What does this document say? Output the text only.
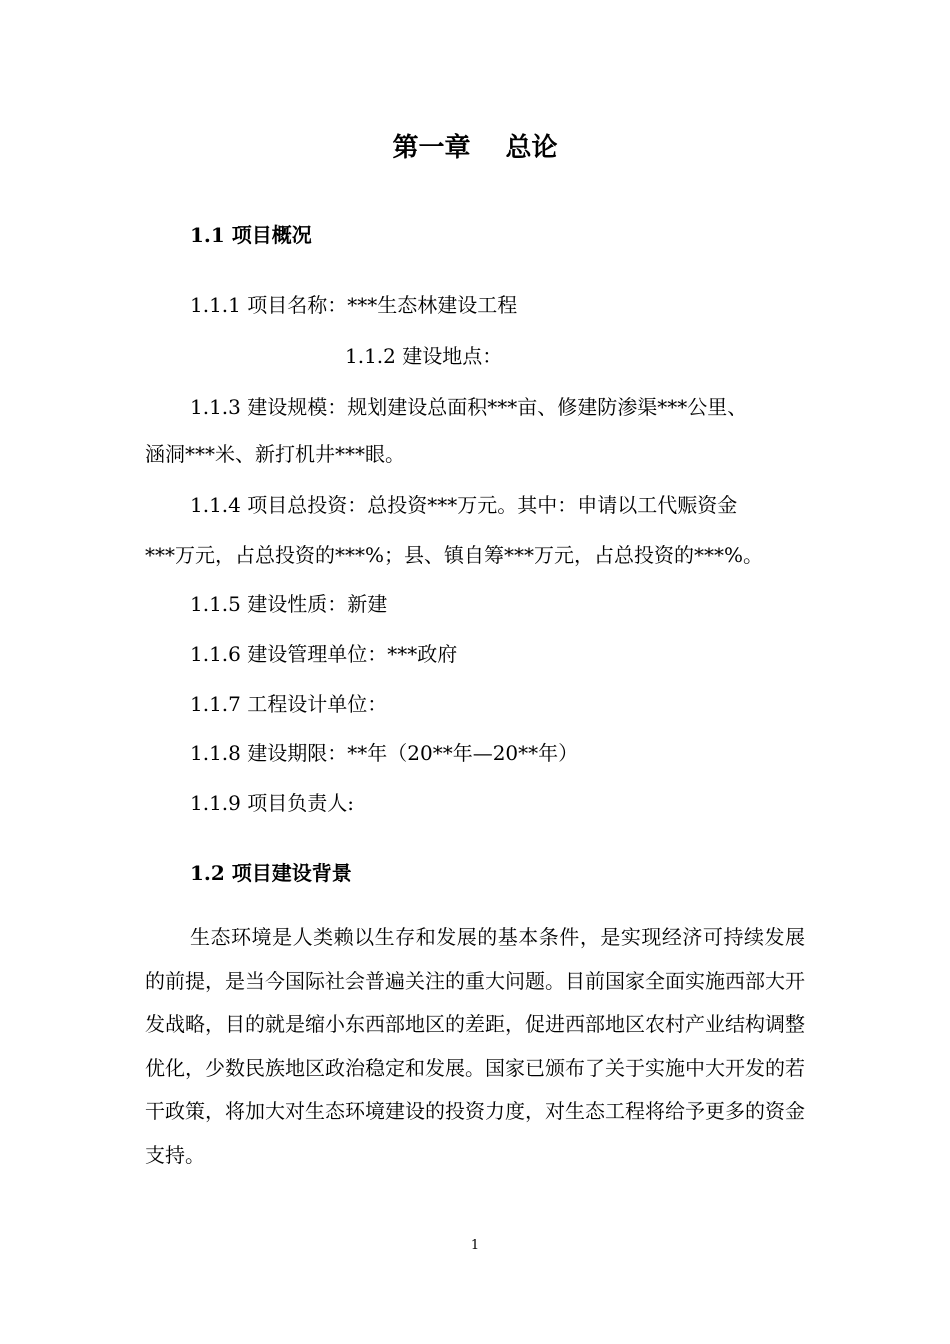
第一章　 总论
1.1 项目概况
1.1.1 项目名称：***生态林建设工程
1.1.2 建设地点：
1.1.3 建设规模：规划建设总面积***亩、修建防渗渠***公里、
涵洞***米、新打机井***眼。
1.1.4 项目总投资：总投资***万元。其中：申请以工代赈资金
***万元，占总投资的***%；县、镇自筹***万元，占总投资的***%。
1.1.5 建设性质：新建
1.1.6 建设管理单位：***政府
1.1.7 工程设计单位：
1.1.8 建设期限：**年（20**年—20**年）
1.1.9 项目负责人:
1.2 项目建设背景
生态环境是人类赖以生存和发展的基本条件，是实现经济可持续发展的前提，是当今国际社会普遍关注的重大问题。目前国家全面实施西部大开发战略，目的就是缩小东西部地区的差距，促进西部地区农村产业结构调整优化，少数民族地区政治稳定和发展。国家已颁布了关于实施中大开发的若干政策，将加大对生态环境建设的投资力度，对生态工程将给予更多的资金支持。
1
